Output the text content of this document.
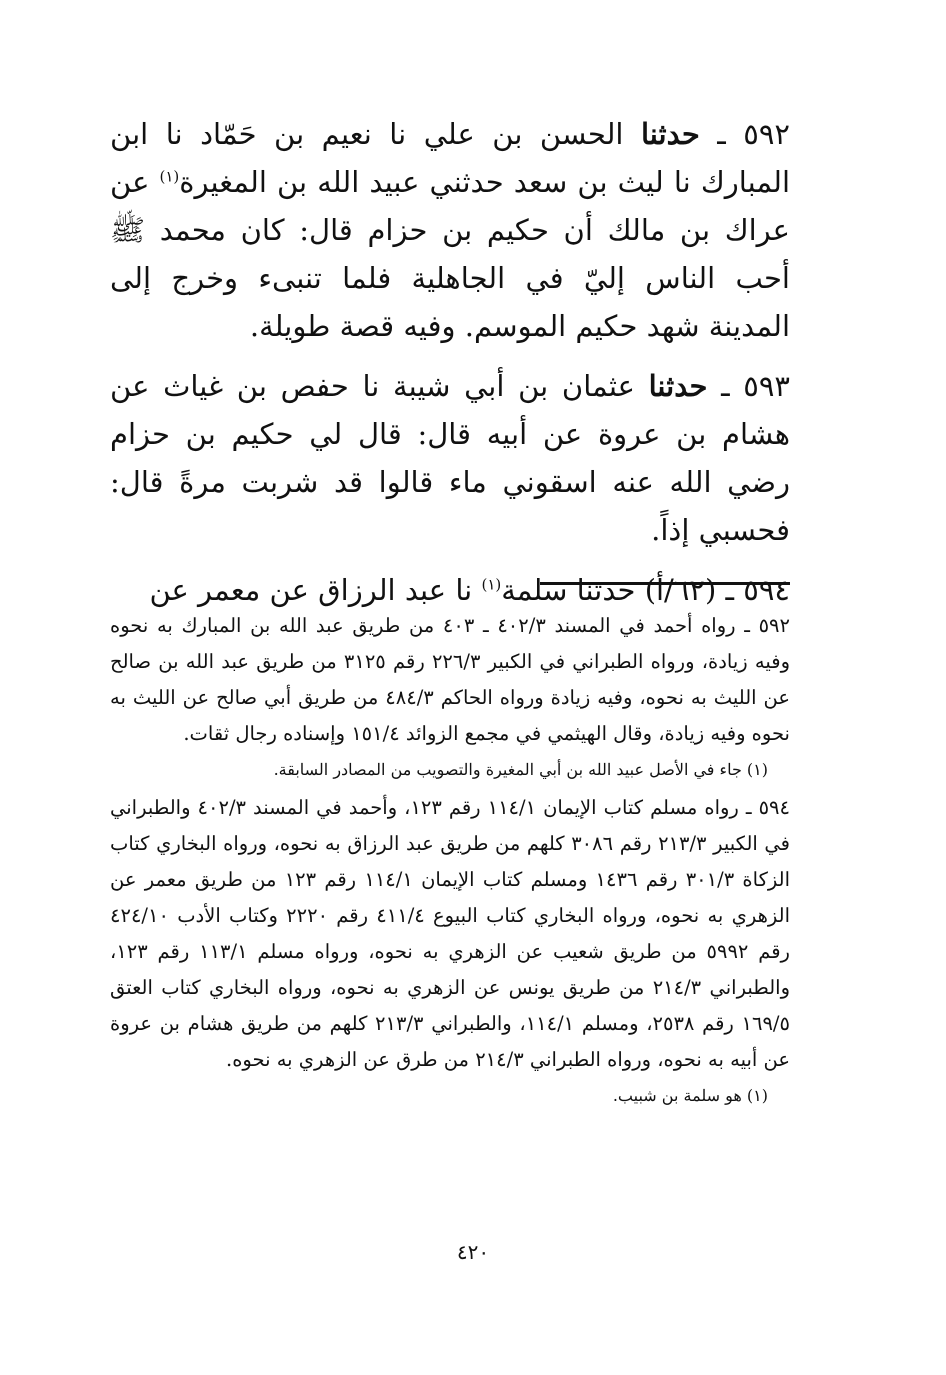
٥٩٢ ـ حدثنا الحسن بن علي نا نعيم بن حَمّاد نا ابن المبارك نا ليث بن سعد حدثني عبيد الله بن المغيرة$^{(١)}$ عن عراك بن مالك أن حكيم بن حزام قال: كان محمد ﷺ أحب الناس إليّ في الجاهلية فلما تنبىء وخرج إلى المدينة شهد حكيم الموسم. وفيه قصة طويلة.

٥٩٣ ـ حدثنا عثمان بن أبي شيبة نا حفص بن غياث عن هشام بن عروة عن أبيه قال: قال لي حكيم بن حزام رضي الله عنه اسقوني ماء قالوا قد شربت مرةً قال: فحسبي إذاً.

٥٩٤ ـ (٦٢/أ) حدثنا سلمة$^{(١)}$ نا عبد الرزاق عن معمر عن

٥٩٢ ـ رواه أحمد في المسند ٤٠٢/٣ ـ ٤٠٣ من طريق عبد الله بن المبارك به نحوه وفيه زيادة، ورواه الطبراني في الكبير ٢٢٦/٣ رقم ٣١٢٥ من طريق عبد الله بن صالح عن الليث به نحوه، وفيه زيادة ورواه الحاكم ٤٨٤/٣ من طريق أبي صالح عن الليث به نحوه وفيه زيادة، وقال الهيثمي في مجمع الزوائد ١٥١/٤ وإسناده رجال ثقات.

(١) جاء في الأصل عبيد الله بن أبي المغيرة والتصويب من المصادر السابقة.

٥٩٤ ـ رواه مسلم كتاب الإيمان ١١٤/١ رقم ١٢٣، وأحمد في المسند ٤٠٢/٣ والطبراني في الكبير ٢١٣/٣ رقم ٣٠٨٦ كلهم من طريق عبد الرزاق به نحوه، ورواه البخاري كتاب الزكاة ٣٠١/٣ رقم ١٤٣٦ ومسلم كتاب الإيمان ١١٤/١ رقم ١٢٣ من طريق معمر عن الزهري به نحوه، ورواه البخاري كتاب البيوع ٤١١/٤ رقم ٢٢٢٠ وكتاب الأدب ٤٢٤/١٠ رقم ٥٩٩٢ من طريق شعيب عن الزهري به نحوه، ورواه مسلم ١١٣/١ رقم ١٢٣، والطبراني ٢١٤/٣ من طريق يونس عن الزهري به نحوه، ورواه البخاري كتاب العتق ١٦٩/٥ رقم ٢٥٣٨، ومسلم ١١٤/١، والطبراني ٢١٣/٣ كلهم من طريق هشام بن عروة عن أبيه به نحوه، ورواه الطبراني ٢١٤/٣ من طرق عن الزهري به نحوه.

(١) هو سلمة بن شبيب.

٤٢٠
